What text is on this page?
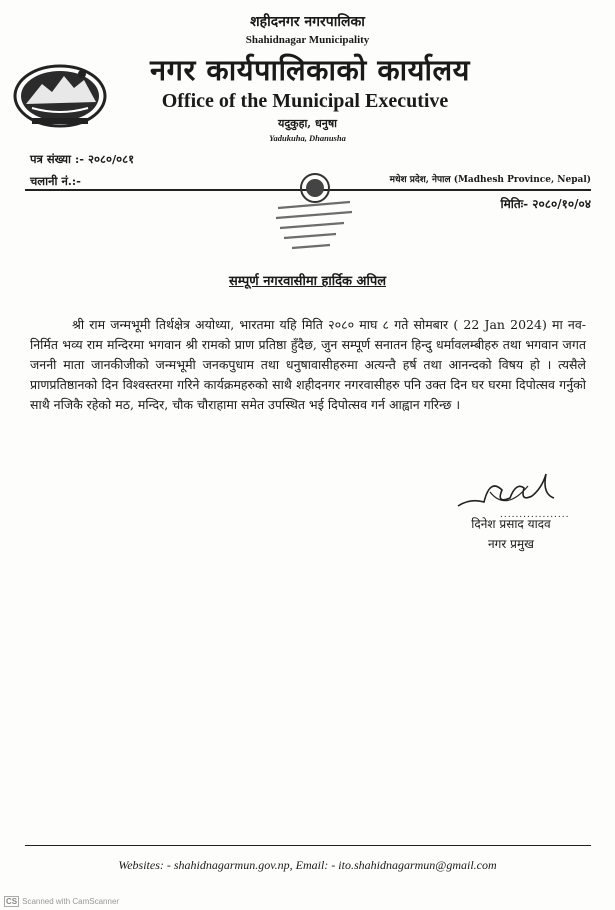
शहीदनगर नगरपालिका
Shahidnagar Municipality
नगर कार्यपालिकाको कार्यालय
Office of the Municipal Executive
यदुकुहा, धनुषा
Yadukuha, Dhanusha
पत्र संख्या :- २०८०/०८१
चलानी नं.:-	मधेश प्रदेश, नेपाल (Madhesh Province, Nepal)
मितिः- २०८०/१०/०४
सम्पूर्ण नगरवासीमा हार्दिक अपिल
श्री राम जन्मभूमी तिर्थक्षेत्र अयोध्या, भारतमा यहि मिति २०८० माघ ८ गते सोमबार ( 22 Jan 2024) मा नव-निर्मित भव्य राम मन्दिरमा भगवान श्री रामको प्राण प्रतिष्ठा हुँदैछ, जुन सम्पूर्ण सनातन हिन्दु धर्मावलम्बीहरु तथा भगवान जगत जननी माता जानकीजीको जन्मभूमी जनकपुधाम तथा धनुषावासीहरुमा अत्यन्तै हर्ष तथा आनन्दको विषय हो । त्यसैले प्राणप्रतिष्ठानको दिन विश्वस्तरमा गरिने कार्यक्रमहरुको साथै शहीदनगर नगरवासीहरु पनि उक्त दिन घर घरमा दिपोत्सव गर्नुको साथै नजिकै रहेको मठ, मन्दिर, चौक चौराहामा समेत उपस्थित भई दिपोत्सव गर्न आह्वान गरिन्छ ।
..................
दिनेश प्रसाद यादव
नगर प्रमुख
Websites: - shahidnagarmun.gov.np, Email: - ito.shahidnagarmun@gmail.com
CS Scanned with CamScanner
